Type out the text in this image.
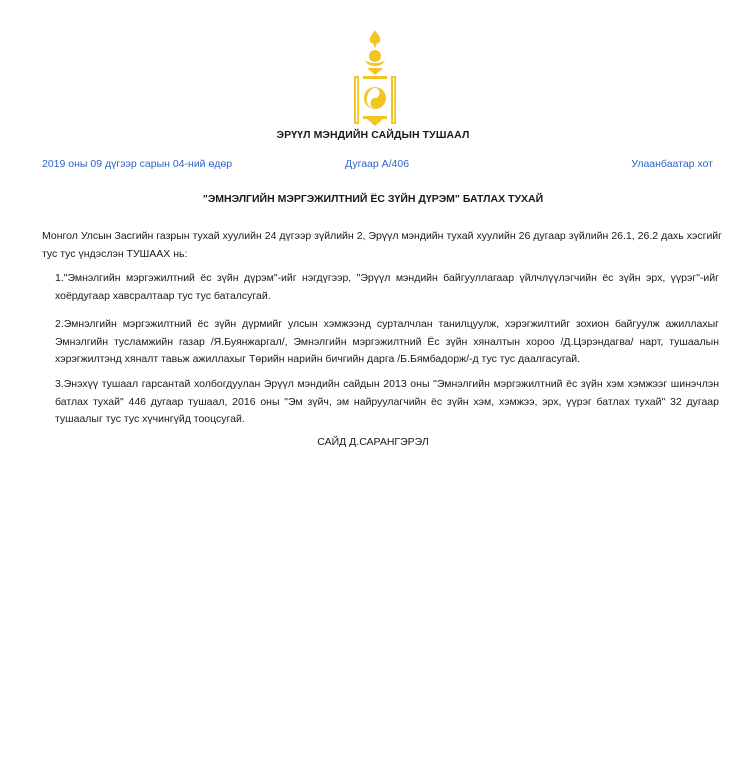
ЭРҮҮЛ МЭНДИЙН САЙДЫН ТУШААЛ
2019 оны 09 дүгээр сарын 04-ний өдөр	Дугаар А/406	Улаанбаатар хот
"ЭМНЭЛГИЙН МЭРГЭЖИЛТНИЙ ЁС ЗҮЙН ДҮРЭМ" БАТЛАХ ТУХАЙ
Монгол Улсын Засгийн газрын тухай хуулийн 24 дүгээр зүйлийн 2, Эрүүл мэндийн тухай хуулийн 26 дугаар зүйлийн 26.1, 26.2 дахь хэсгийг тус тус үндэслэн ТУШААХ нь:
1."Эмнэлгийн мэргэжилтний ёс зүйн дүрэм"-ийг нэгдүгээр, "Эрүүл мэндийн байгууллагаар үйлчлүүлэгчийн ёс зүйн эрх, үүрэг"-ийг хоёрдугаар хавсралтаар тус тус баталсугай.
2.Эмнэлгийн мэргэжилтний ёс зүйн дүрмийг улсын хэмжээнд сурталчлан танилцуулж, хэрэгжилтийг зохион байгуулж ажиллахыг Эмнэлгийн тусламжийн газар /Я.Буянжаргал/, Эмнэлгийн мэргэжилтний Ёс зүйн хяналтын хороо /Д.Цэрэндагва/ нарт, тушаалын хэрэгжилтэнд хяналт тавьж ажиллахыг Төрийн нарийн бичгийн дарга /Б.Бямбадорж/-д тус тус даалгасугай.
3.Энэхүү тушаал гарсантай холбогдуулан Эрүүл мэндийн сайдын 2013 оны "Эмнэлгийн мэргэжилтний ёс зүйн хэм хэмжээг шинэчлэн батлах тухай" 446 дугаар тушаал, 2016 оны "Эм зүйч, эм найруулагчийн ёс зүйн хэм, хэмжээ, эрх, үүрэг батлах тухай" 32 дугаар тушаалыг тус тус хүчингүйд тооцсугай.
САЙД Д.САРАНГЭРЭЛ
